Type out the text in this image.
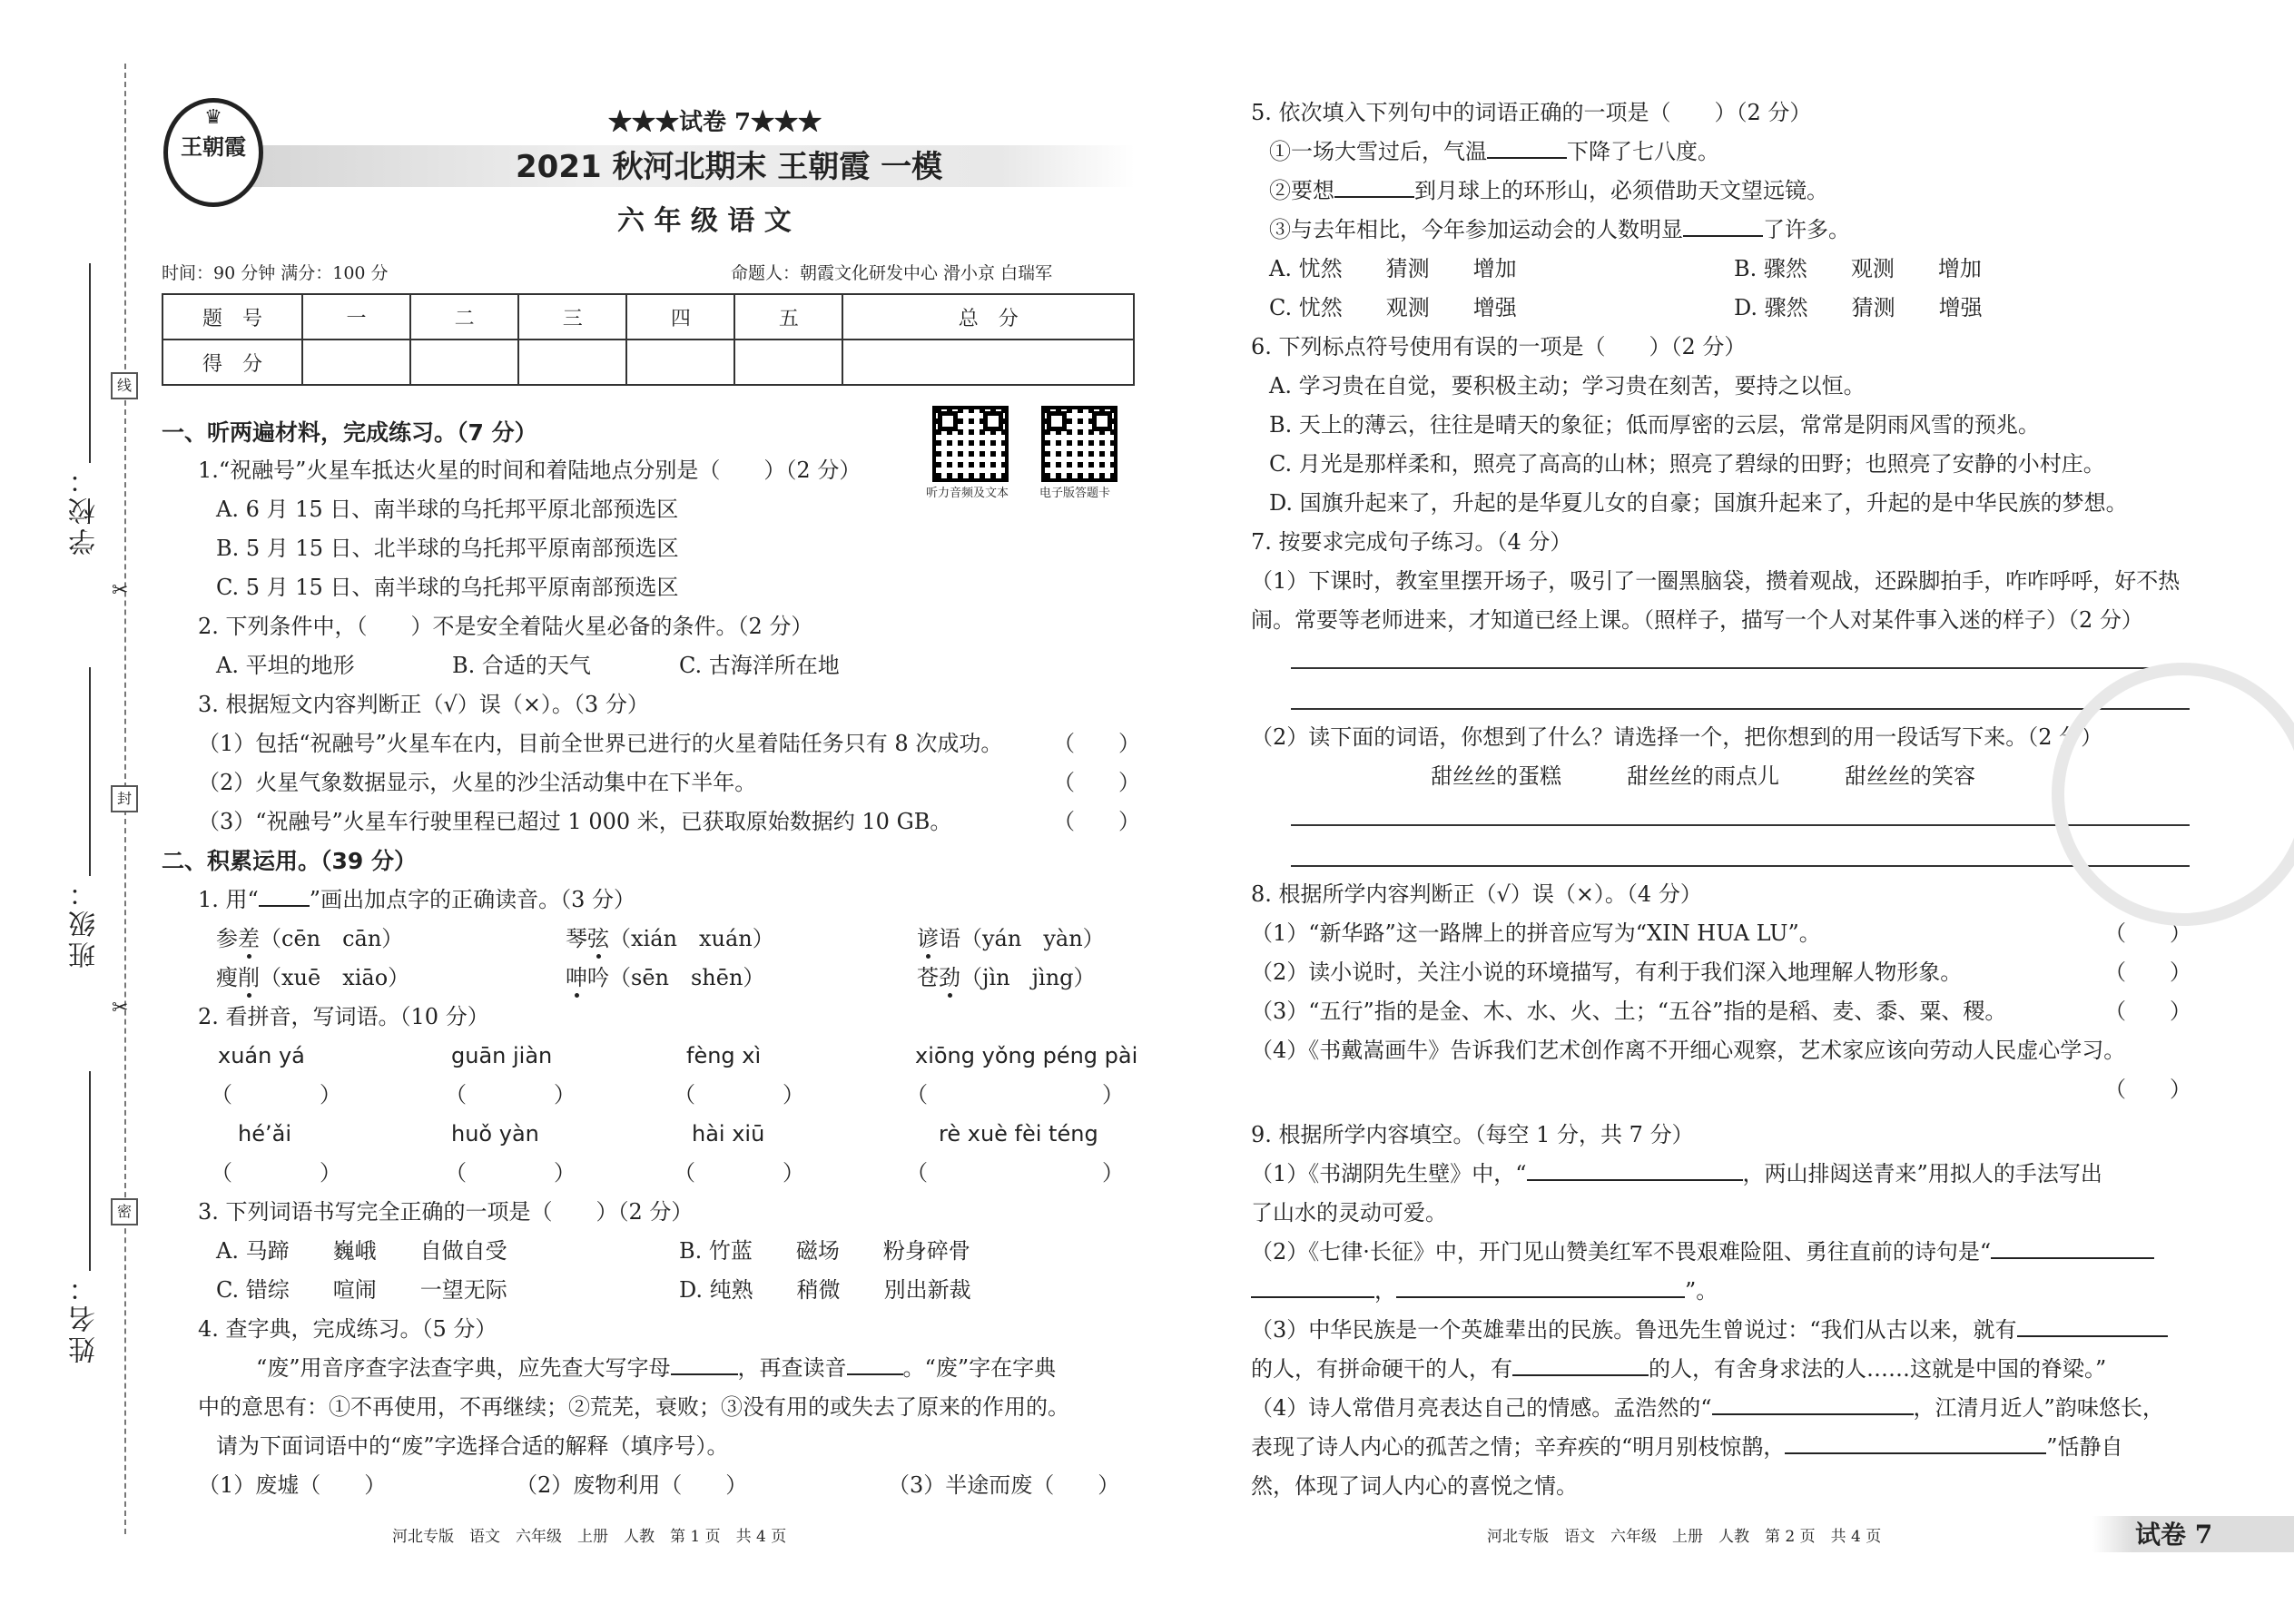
学校：
班级：
姓名：
线
封
密
✂
✂
♛
王朝霞
★★★试卷 7★★★
2021 秋河北期末 王朝霞 一模
六 年 级 语 文
时间：90 分钟 满分：100 分	命题人：朝霞文化研发中心 滑小京 白瑞军
题　号	一	二	三	四	五	总　分
得　分						
听力音频及文本	电子版答题卡
一、听两遍材料，完成练习。（7 分）
1.“祝融号”火星车抵达火星的时间和着陆地点分别是（　　）（2 分）
A. 6 月 15 日、南半球的乌托邦平原北部预选区
B. 5 月 15 日、北半球的乌托邦平原南部预选区
C. 5 月 15 日、南半球的乌托邦平原南部预选区
2. 下列条件中，（　　）不是安全着陆火星必备的条件。（2 分）
A. 平坦的地形	B. 合适的天气	C. 古海洋所在地
3. 根据短文内容判断正（√）误（×）。（3 分）
（1）包括“祝融号”火星车在内，目前全世界已进行的火星着陆任务只有 8 次成功。 （　　）
（2）火星气象数据显示，火星的沙尘活动集中在下半年。	（　　）
（3）“祝融号”火星车行驶里程已超过 1 000 米，已获取原始数据约 10 GB。	（　　）
二、积累运用。（39 分）
1. 用“ ”画出加点字的正确读音。（3 分）
参差（cēn　cān）	琴弦（xián　xuán）	谚语（yán　yàn）
瘦削（xuē　xiāo）	呻吟（sēn　shēn）	苍劲（jìn　jìng）
2. 看拼音，写词语。（10 分）
xuán yá	guān jiàn	fèng xì	xiōng yǒng péng pài
（　　　　）	（　　　　）	（　　　　）	（　　　　　　　　）
hé’ǎi	huǒ yàn	hài xiū	rè xuè fèi téng
（　　　　）	（　　　　）	（　　　　）	（　　　　　　　　）
3. 下列词语书写完全正确的一项是（　　）（2 分）
A. 马蹄　　巍峨　　自做自受	B. 竹蓝　　磁场　　粉身碎骨
C. 错综　　喧闹　　一望无际	D. 纯熟　　稍微　　別出新裁
4. 查字典，完成练习。（5 分）
“废”用音序查字法查字典，应先查大写字母	，再查读音	。“废”字在字典
中的意思有：①不再使用，不再继续；②荒芜，衰败；③没有用的或失去了原来的作用的。
请为下面词语中的“废”字选择合适的解释（填序号）。
（1）废墟（　　）	（2）废物利用（　　）	（3）半途而废（　　）
河北专版　语文　六年级　上册　人教　第 1 页　共 4 页
5. 依次填入下列句中的词语正确的一项是（　　）（2 分）
①一场大雪过后，气温	下降了七八度。
②要想	到月球上的环形山，必须借助天文望远镜。
③与去年相比，今年参加运动会的人数明显	了许多。
A. 忧然　　猜测　　增加	B. 骤然　　观测　　增加
C. 忧然　　观测　　增强	D. 骤然　　猜测　　增强
6. 下列标点符号使用有误的一项是（　　）（2 分）
A. 学习贵在自觉，要积极主动；学习贵在刻苦，要持之以恒。
B. 天上的薄云，往往是晴天的象征；低而厚密的云层，常常是阴雨风雪的预兆。
C. 月光是那样柔和，照亮了高高的山林；照亮了碧绿的田野；也照亮了安静的小村庄。
D. 国旗升起来了，升起的是华夏儿女的自豪；国旗升起来了，升起的是中华民族的梦想。
7. 按要求完成句子练习。（4 分）
（1）下课时，教室里摆开场子，吸引了一圈黑脑袋，攒着观战，还跺脚拍手，咋咋呼呼，好不热
闹。常要等老师进来，才知道已经上课。（照样子，描写一个人对某件事入迷的样子）（2 分）
（2）读下面的词语，你想到了什么？请选择一个，把你想到的用一段话写下来。（2 分）
甜丝丝的蛋糕　　　甜丝丝的雨点儿　　　甜丝丝的笑容
8. 根据所学内容判断正（√）误（×）。（4 分）
（1）“新华路”这一路牌上的拼音应写为“XIN HUA LU”。	（　　）
（2）读小说时，关注小说的环境描写，有利于我们深入地理解人物形象。	（　　）
（3）“五行”指的是金、木、水、火、土；“五谷”指的是稻、麦、黍、粟、稷。	（　　）
（4）《书戴嵩画牛》告诉我们艺术创作离不开细心观察，艺术家应该向劳动人民虚心学习。
（　　）
9. 根据所学内容填空。（每空 1 分，共 7 分）
（1）《书湖阴先生壁》中，“	，两山排闼送青来”用拟人的手法写出
了山水的灵动可爱。
（2）《七律·长征》中，开门见山赞美红军不畏艰难险阻、勇往直前的诗句是“
，	”。
（3）中华民族是一个英雄辈出的民族。鲁迅先生曾说过：“我们从古以来，就有
的人，有拼命硬干的人，有	的人，有舍身求法的人……这就是中国的脊梁。”
（4）诗人常借月亮表达自己的情感。孟浩然的“	，江清月近人”韵味悠长，
表现了诗人内心的孤苦之情；辛弃疾的“明月别枝惊鹊，	”恬静自
然，体现了词人内心的喜悦之情。
河北专版　语文　六年级　上册　人教　第 2 页　共 4 页	试卷 7
